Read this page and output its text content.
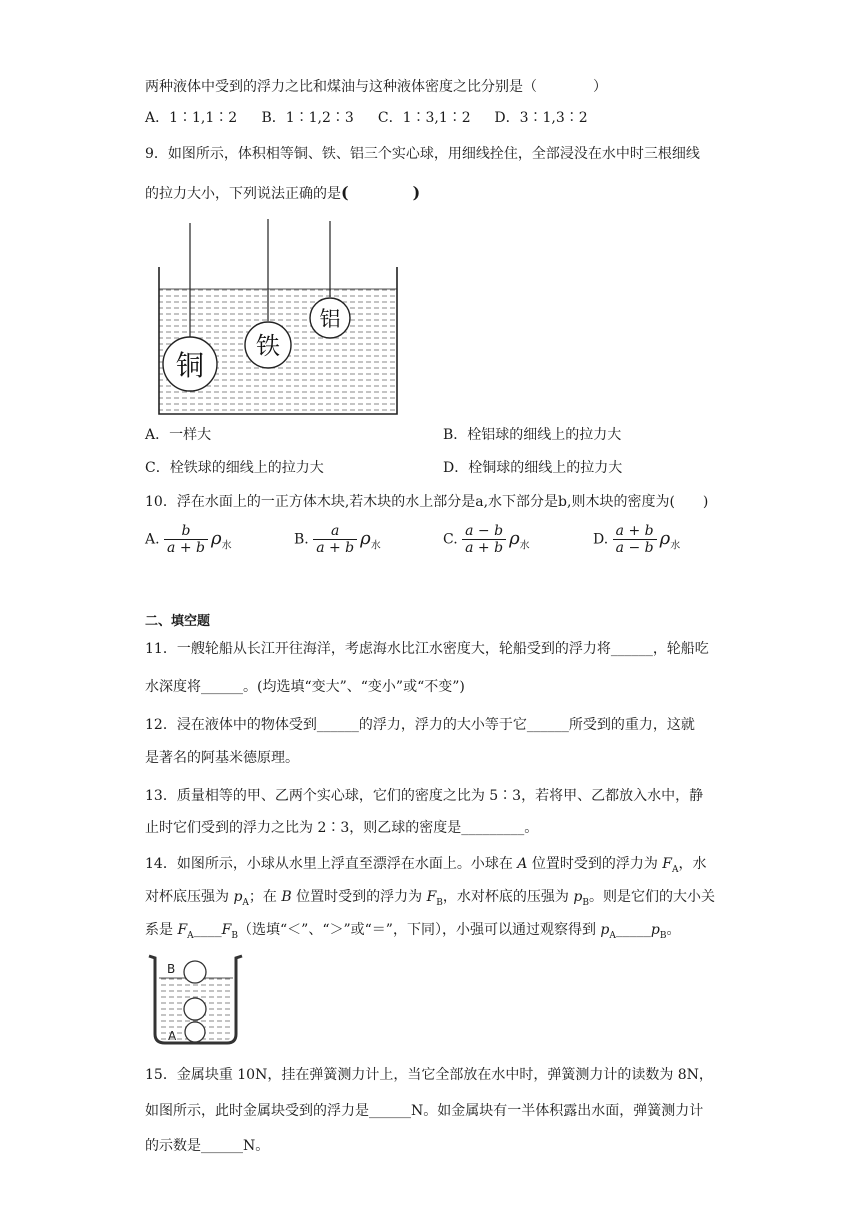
两种液体中受到的浮力之比和煤油与这种液体密度之比分别是（　　　　）
A．1∶1,1∶2 B．1∶1,2∶3 C．1∶3,1∶2 D．3∶1,3∶2
9．如图所示，体积相等铜、铁、铝三个实心球，用细线拴住，全部浸没在水中时三根细线
的拉力大小，下列说法正确的是(　　　　)
铜
铁
铝
A．一样大	B．栓铝球的细线上的拉力大
C．栓铁球的细线上的拉力大	D．栓铜球的细线上的拉力大
10．浮在水面上的一正方体木块,若木块的水上部分是a,水下部分是b,则木块的密度为(　　)
A. $\frac{b}{a + b} \rho_水$	B. $\frac{a}{a + b} \rho_水$	C. $\frac{a - b}{a + b} \rho_水$	D. $\frac{a + b}{a - b} \rho_水$
二、填空题
11．一艘轮船从长江开往海洋，考虑海水比江水密度大，轮船受到的浮力将______，轮船吃
水深度将______。(均选填“变大”、“变小”或“不变”)
12．浸在液体中的物体受到______的浮力，浮力的大小等于它______所受到的重力，这就
是著名的阿基米德原理。
13．质量相等的甲、乙两个实心球，它们的密度之比为 5∶3，若将甲、乙都放入水中，静
止时它们受到的浮力之比为 2∶3，则乙球的密度是_________。
14．如图所示，小球从水里上浮直至漂浮在水面上。小球在 A 位置时受到的浮力为 $F_A$，水
对杯底压强为 $p_A$；在 B 位置时受到的浮力为 $F_B$，水对杯底的压强为 $p_B$。则是它们的大小关
系是 $F_A\_\_\_\_F_B$（选填“＜”、“＞”或“＝”，下同），小强可以通过观察得到 $p_A\_\_\_\_\_p_B$。
B
A
15．金属块重 10N，挂在弹簧测力计上，当它全部放在水中时，弹簧测力计的读数为 8N，
如图所示，此时金属块受到的浮力是______N。如金属块有一半体积露出水面，弹簧测力计
的示数是______N。
